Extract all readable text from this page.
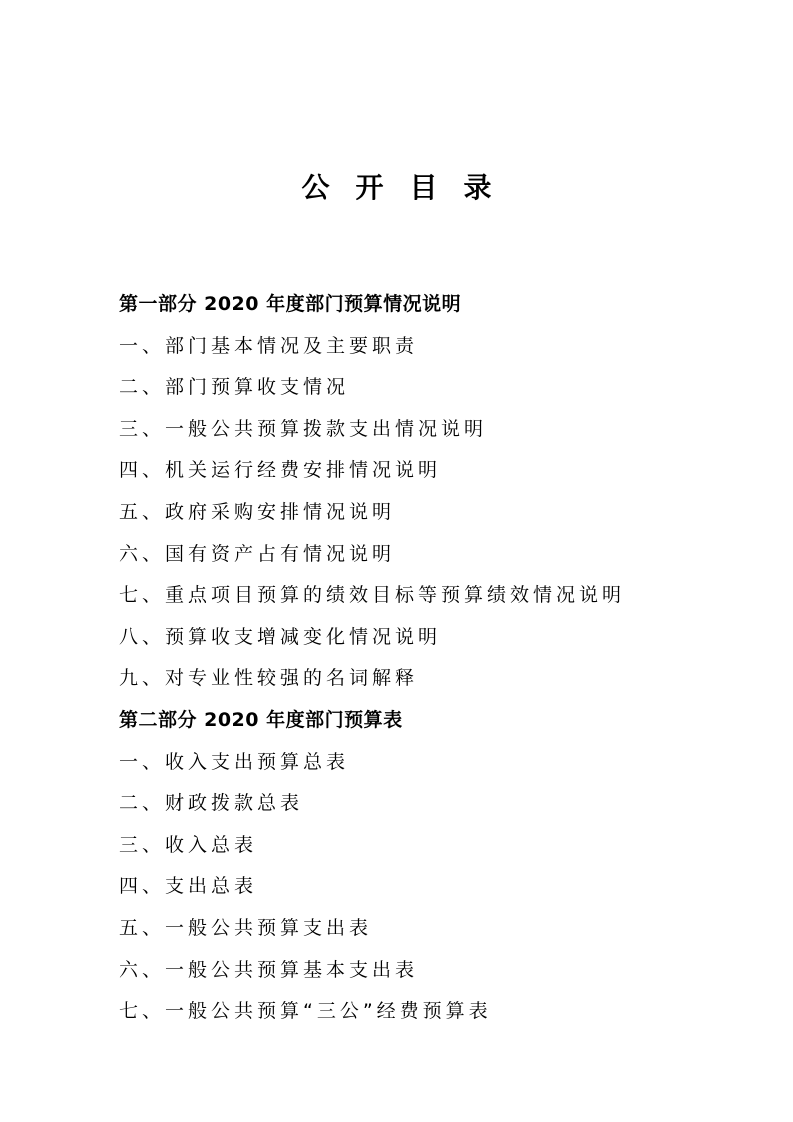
公开目录
第一部分 2020 年度部门预算情况说明
一、部门基本情况及主要职责
二、部门预算收支情况
三、一般公共预算拨款支出情况说明
四、机关运行经费安排情况说明
五、政府采购安排情况说明
六、国有资产占有情况说明
七、重点项目预算的绩效目标等预算绩效情况说明
八、预算收支增减变化情况说明
九、对专业性较强的名词解释
第二部分 2020 年度部门预算表
一、收入支出预算总表
二、财政拨款总表
三、收入总表
四、支出总表
五、一般公共预算支出表
六、一般公共预算基本支出表
七、一般公共预算“三公”经费预算表
